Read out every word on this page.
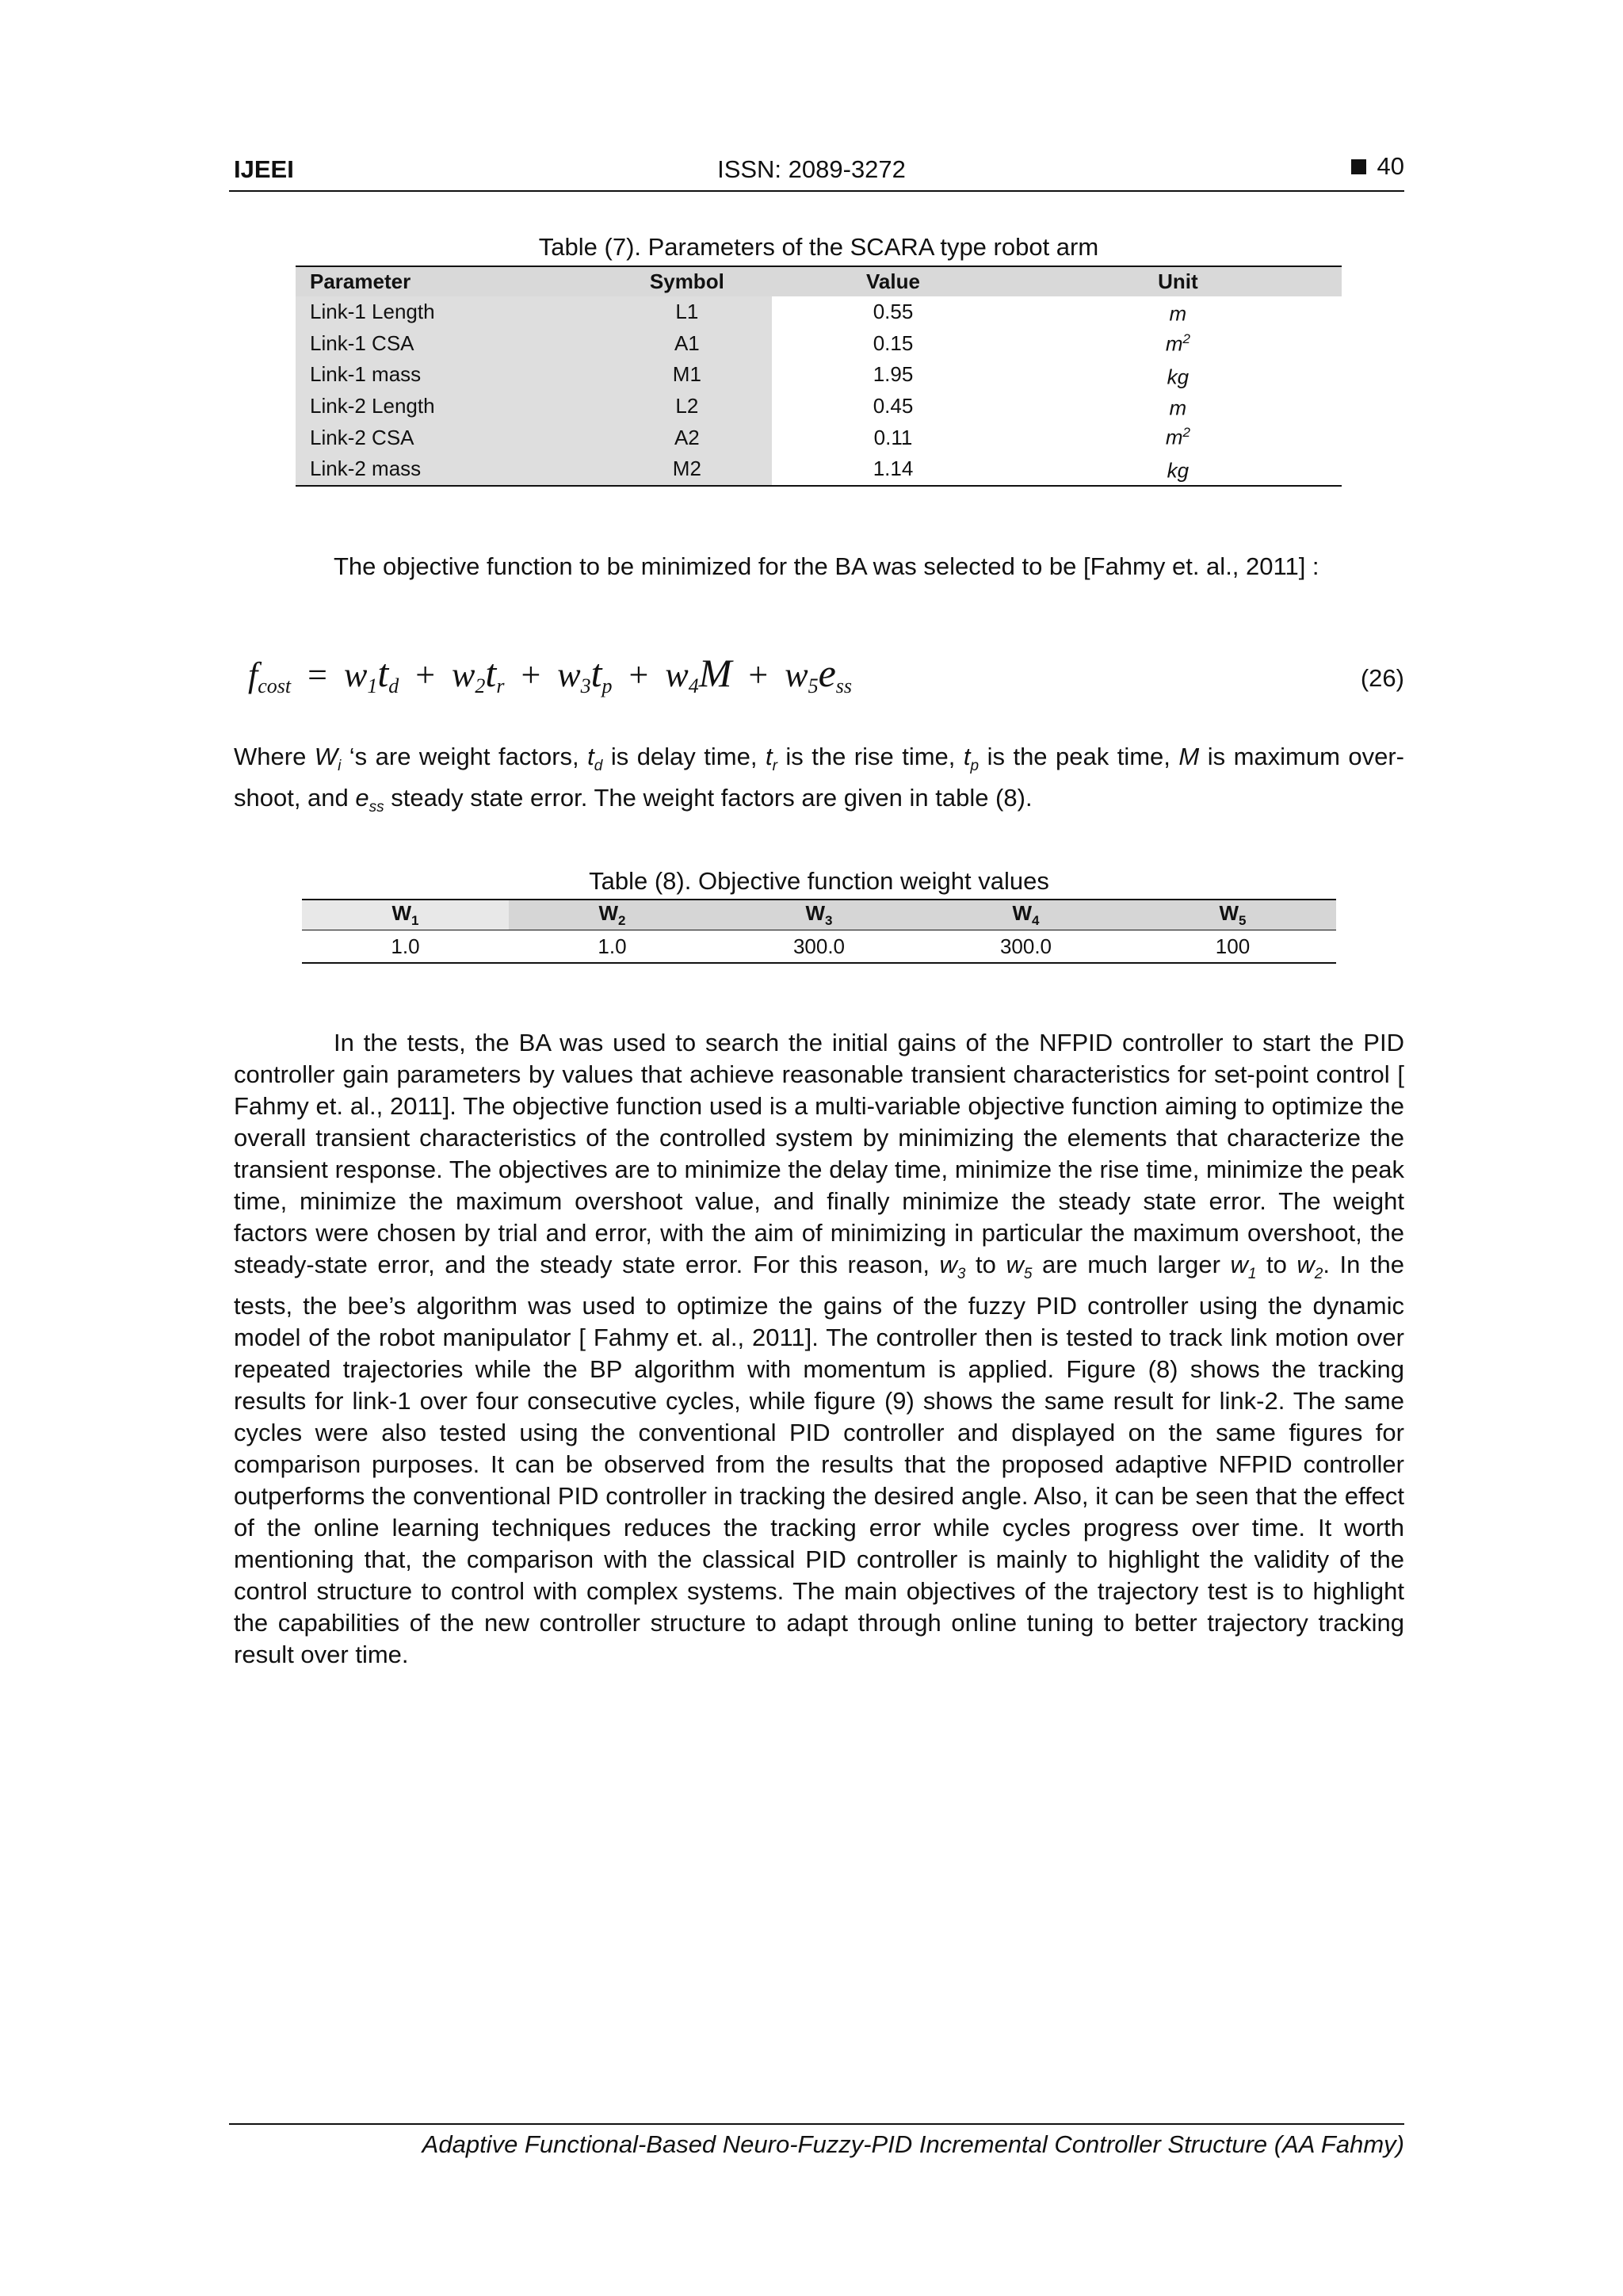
IJEEI	ISSN: 2089-3272	40
Table (7). Parameters of the SCARA type robot arm
Parameter	Symbol	Value	Unit
Link-1 Length	L1	0.55	m
Link-1 CSA	A1	0.15	$m^2$
Link-1 mass	M1	1.95	kg
Link-2 Length	L2	0.45	m
Link-2 CSA	A2	0.11	$m^2$
Link-2 mass	M2	1.14	kg

The objective function to be minimized for the BA was selected to be [Fahmy et. al., 2011] :

$f_{cost} = w_1t_d + w_2t_r + w_3t_p + w_4M + w_5e_{ss}$	(26)

Where $W_i$ ‘s are weight factors, $t_d$ is delay time, $t_r$ is the rise time, $t_p$ is the peak time, M is maximum over-shoot, and $e_{ss}$ steady state error. The weight factors are given in table (8).

Table (8). Objective function weight values
$W_1$	$W_2$	$W_3$	$W_4$	$W_5$
1.0	1.0	300.0	300.0	100

In the tests, the BA was used to search the initial gains of the NFPID controller to start the PID controller gain parameters by values that achieve reasonable transient characteristics for set-point control [ Fahmy et. al., 2011]. The objective function used is a multi-variable objective function aiming to optimize the overall transient characteristics of the controlled system by minimizing the elements that characterize the transient response. The objectives are to minimize the delay time, minimize the rise time, minimize the peak time, minimize the maximum overshoot value, and finally minimize the steady state error. The weight factors were chosen by trial and error, with the aim of minimizing in particular the maximum overshoot, the steady-state error, and the steady state error. For this reason, $w_3$ to $w_5$ are much larger $w_1$ to $w_2$. In the tests, the bee’s algorithm was used to optimize the gains of the fuzzy PID controller using the dynamic model of the robot manipulator [ Fahmy et. al., 2011]. The controller then is tested to track link motion over repeated trajectories while the BP algorithm with momentum is applied. Figure (8) shows the tracking results for link-1 over four consecutive cycles, while figure (9) shows the same result for link-2. The same cycles were also tested using the conventional PID controller and displayed on the same figures for comparison purposes. It can be observed from the results that the proposed adaptive NFPID controller outperforms the conventional PID controller in tracking the desired angle. Also, it can be seen that the effect of the online learning techniques reduces the tracking error while cycles progress over time. It worth mentioning that, the comparison with the classical PID controller is mainly to highlight the validity of the control structure to control with complex systems. The main objectives of the trajectory test is to highlight the capabilities of the new controller structure to adapt through online tuning to better trajectory tracking result over time.

Adaptive Functional-Based Neuro-Fuzzy-PID Incremental Controller Structure (AA Fahmy)
